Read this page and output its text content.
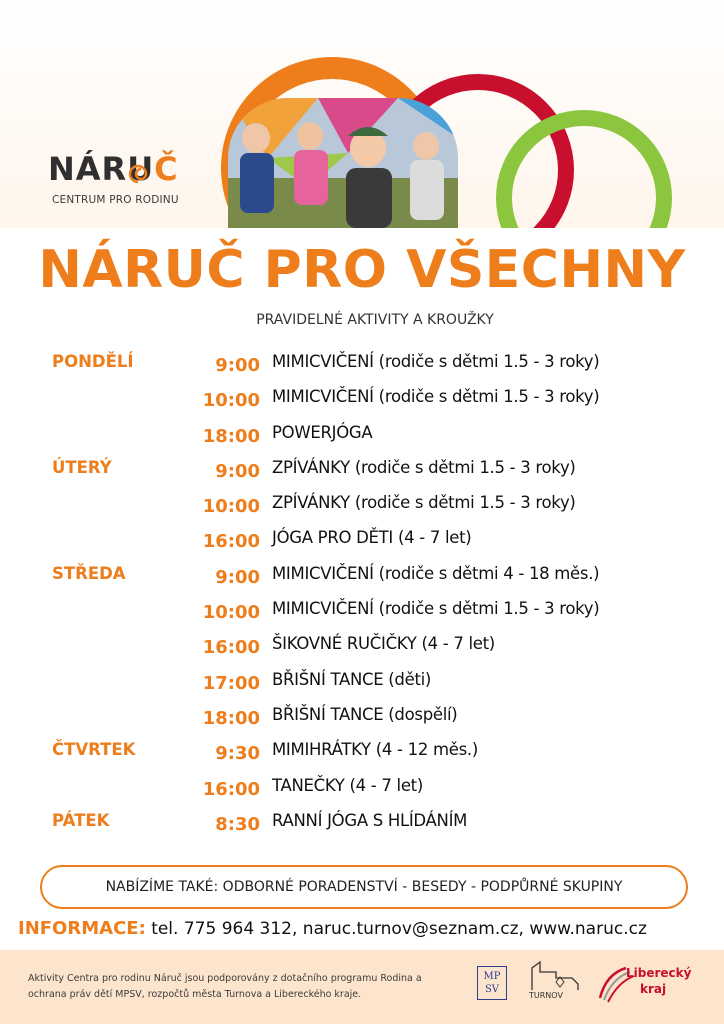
NÁRUČ
CENTRUM PRO RODINU
NÁRUČ PRO VŠECHNY
PRAVIDELNÉ AKTIVITY A KROUŽKY
PONDĚLÍ	9:00 MIMICVIČENÍ (rodiče s dětmi 1.5 - 3 roky)
10:00 MIMICVIČENÍ (rodiče s dětmi 1.5 - 3 roky)
18:00 POWERJÓGA
ÚTERÝ	9:00 ZPÍVÁNKY (rodiče s dětmi 1.5 - 3 roky)
10:00 ZPÍVÁNKY (rodiče s dětmi 1.5 - 3 roky)
16:00 JÓGA PRO DĚTI (4 - 7 let)
STŘEDA	9:00 MIMICVIČENÍ (rodiče s dětmi 4 - 18 měs.)
10:00 MIMICVIČENÍ (rodiče s dětmi 1.5 - 3 roky)
16:00 ŠIKOVNÉ RUČIČKY (4 - 7 let)
17:00 BŘIŠNÍ TANCE (děti)
18:00 BŘIŠNÍ TANCE (dospělí)
ČTVRTEK	9:30 MIMIHRÁTKY (4 - 12 měs.)
16:00 TANEČKY (4 - 7 let)
PÁTEK	8:30 RANNÍ JÓGA S HLÍDÁNÍM
NABÍZÍME TAKÉ: ODBORNÉ PORADENSTVÍ - BESEDY - PODPŮRNÉ SKUPINY
INFORMACE: tel. 775 964 312, naruc.turnov@seznam.cz, www.naruc.cz
Aktivity Centra pro rodinu Náruč jsou podporovány z dotačního programu Rodina a ochrana práv dětí MPSV, rozpočtů města Turnova a Libereckého kraje.
MP
SV
TURNOV
Liberecký
kraj
